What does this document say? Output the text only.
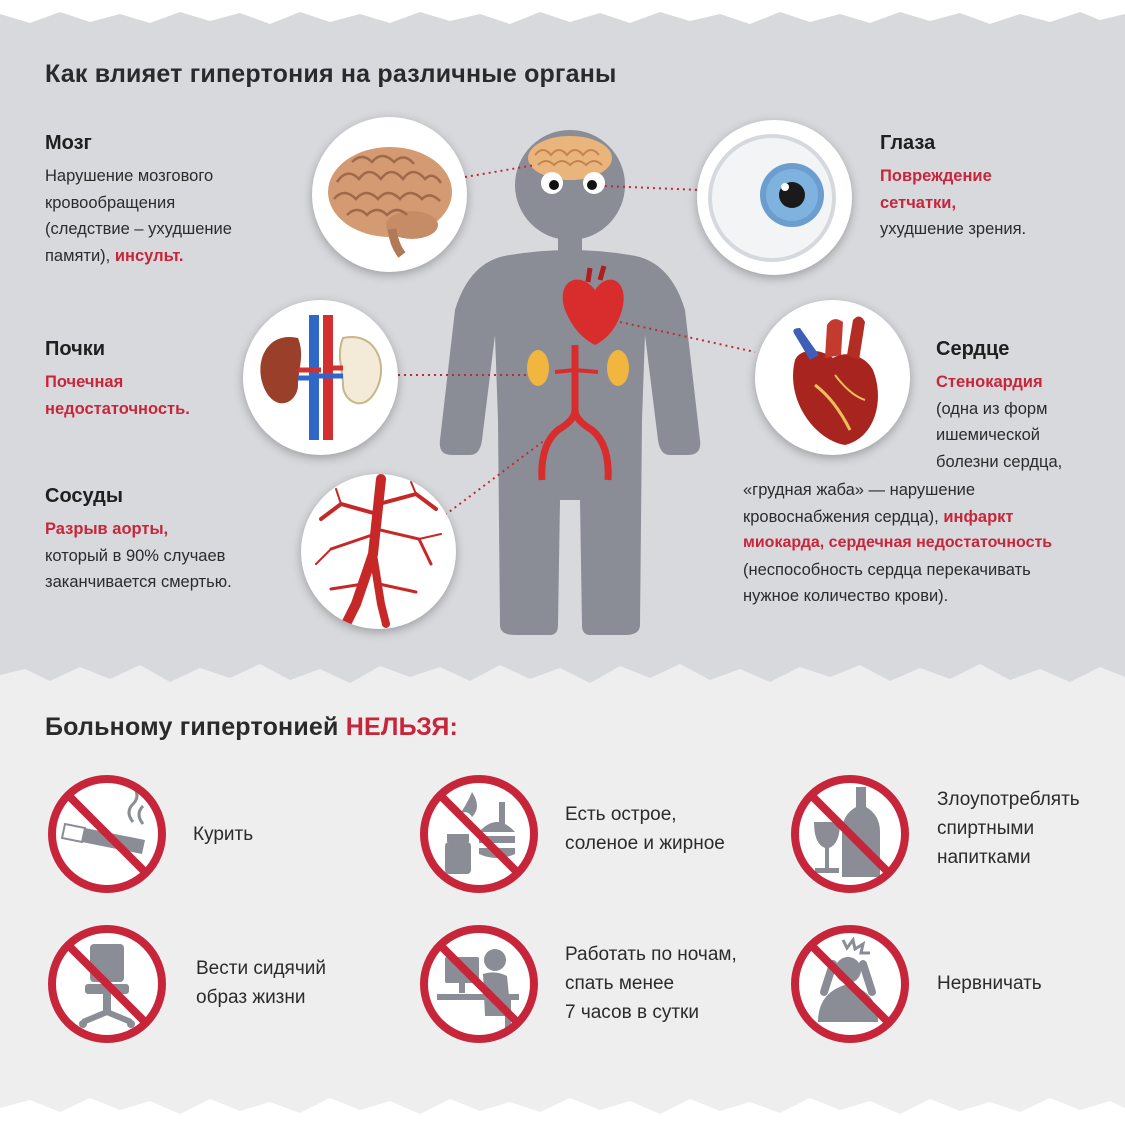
Как влияет гипертония на различные органы
Мозг
Нарушение мозгового
кровообращения
(следствие – ухудшение
памяти), инсульт.
Глаза
Повреждение
сетчатки,
ухудшение зрения.
Почки
Почечная
недостаточность.
Сердце
Стенокардия
(одна из форм
ишемической
болезни сердца,
«грудная жаба» — нарушение
кровоснабжения сердца), инфаркт
миокарда, сердечная недостаточность
(неспособность сердца перекачивать
нужное количество крови).
Сосуды
Разрыв аорты,
который в 90% случаев
заканчивается смертью.
Больному гипертонией НЕЛЬЗЯ:
Курить
Есть острое,
соленое и жирное
Злоупотреблять
спиртными
напитками
Вести сидячий
образ жизни
Работать по ночам,
спать менее
7 часов в сутки
Нервничать
